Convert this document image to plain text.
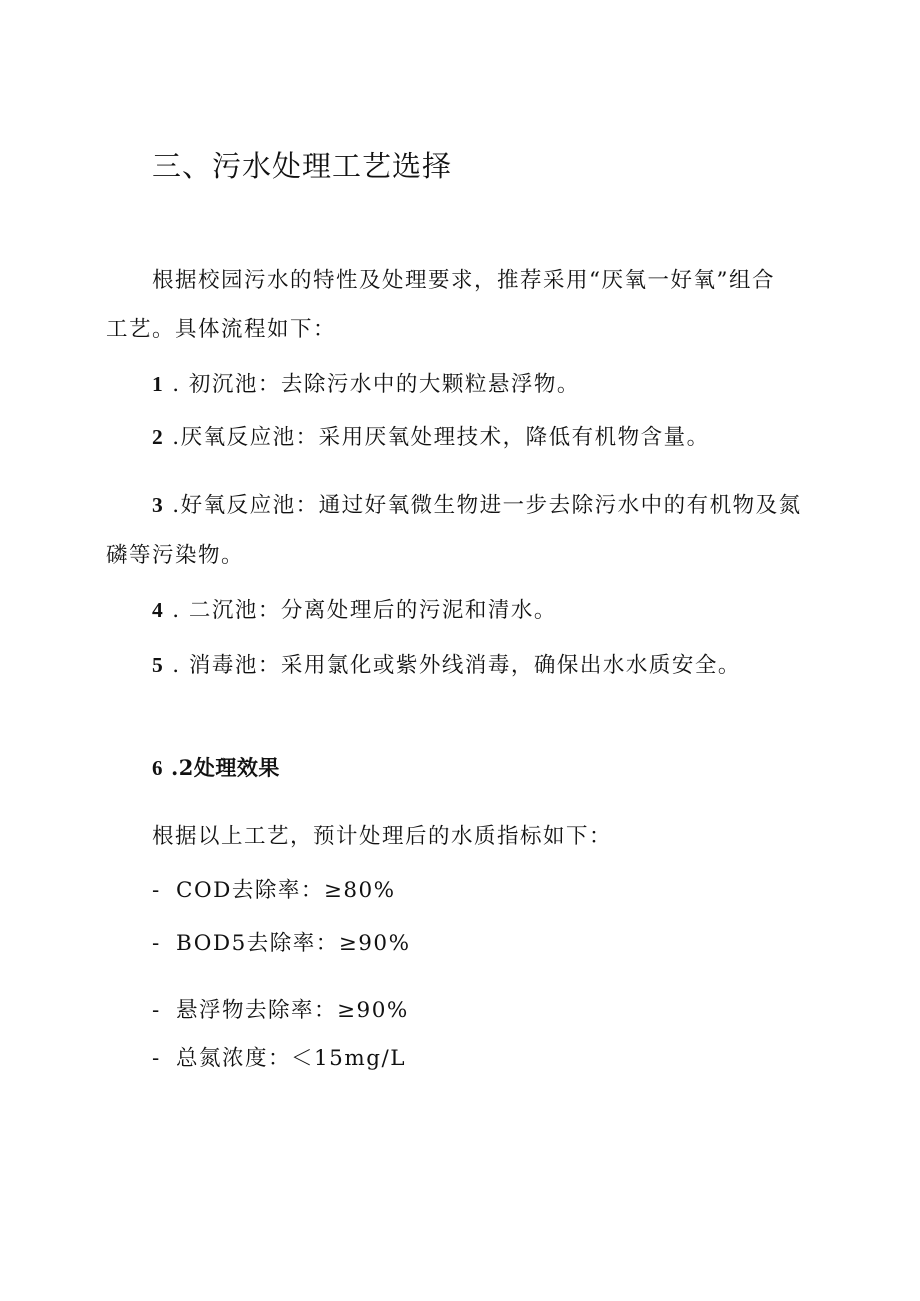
三、污水处理工艺选择
根据校园污水的特性及处理要求，推荐采用“厌氧一好氧”组合
工艺。具体流程如下：
1 . 初沉池：去除污水中的大颗粒悬浮物。
2 .厌氧反应池：采用厌氧处理技术，降低有机物含量。
3 .好氧反应池：通过好氧微生物进一步去除污水中的有机物及氮
磷等污染物。
4 . 二沉池：分离处理后的污泥和清水。
5 . 消毒池：采用氯化或紫外线消毒，确保出水水质安全。
6 .2处理效果
根据以上工艺，预计处理后的水质指标如下：
- COD去除率：≥80%
- BOD5去除率：≥90%
- 悬浮物去除率：≥90%
- 总氮浓度：＜15mg/L
